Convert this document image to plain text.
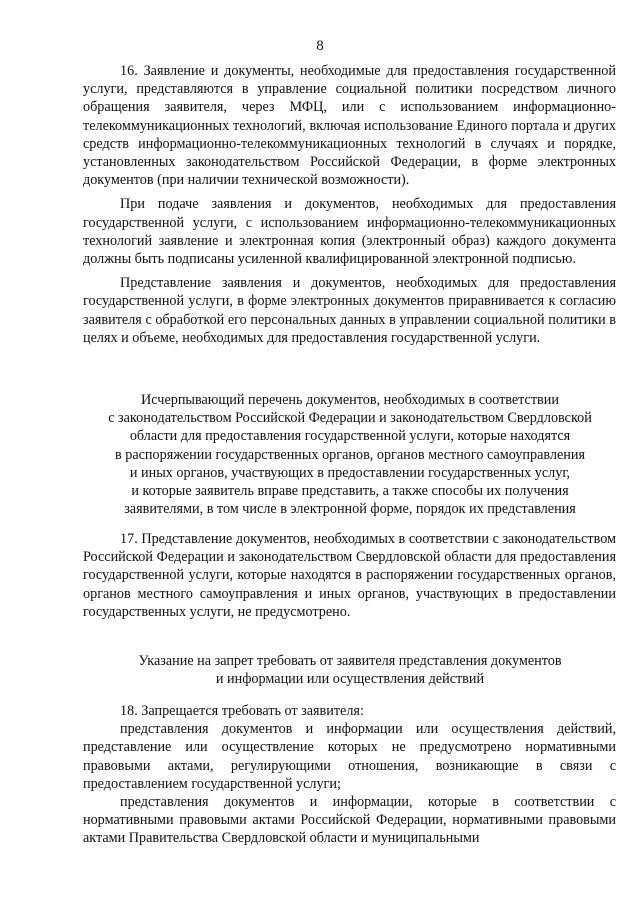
8

16. Заявление и документы, необходимые для предоставления государственной услуги, представляются в управление социальной политики посредством личного обращения заявителя, через МФЦ, или с использованием информационно-телекоммуникационных технологий, включая использование Единого портала и других средств информационно-телекоммуникационных технологий в случаях и порядке, установленных законодательством Российской Федерации, в форме электронных документов (при наличии технической возможности).

При подаче заявления и документов, необходимых для предоставления государственной услуги, с использованием информационно-телекоммуникационных технологий заявление и электронная копия (электронный образ) каждого документа должны быть подписаны усиленной квалифицированной электронной подписью.

Представление заявления и документов, необходимых для предоставления государственной услуги, в форме электронных документов приравнивается к согласию заявителя с обработкой его персональных данных в управлении социальной политики в целях и объеме, необходимых для предоставления государственной услуги.

Исчерпывающий перечень документов, необходимых в соответствии

с законодательством Российской Федерации и законодательством Свердловской

области для предоставления государственной услуги, которые находятся

в распоряжении государственных органов, органов местного самоуправления

и иных органов, участвующих в предоставлении государственных услуг,

и которые заявитель вправе представить, а также способы их получения

заявителями, в том числе в электронной форме, порядок их представления

17. Представление документов, необходимых в соответствии с законодательством Российской Федерации и законодательством Свердловской области для предоставления государственной услуги, которые находятся в распоряжении государственных органов, органов местного самоуправления и иных органов, участвующих в предоставлении государственных услуги, не предусмотрено.

Указание на запрет требовать от заявителя представления документов

и информации или осуществления действий

18. Запрещается требовать от заявителя:

представления документов и информации или осуществления действий, представление или осуществление которых не предусмотрено нормативными правовыми актами, регулирующими отношения, возникающие в связи с предоставлением государственной услуги;

представления документов и информации, которые в соответствии с нормативными правовыми актами Российской Федерации, нормативными правовыми актами Правительства Свердловской области и муниципальными
